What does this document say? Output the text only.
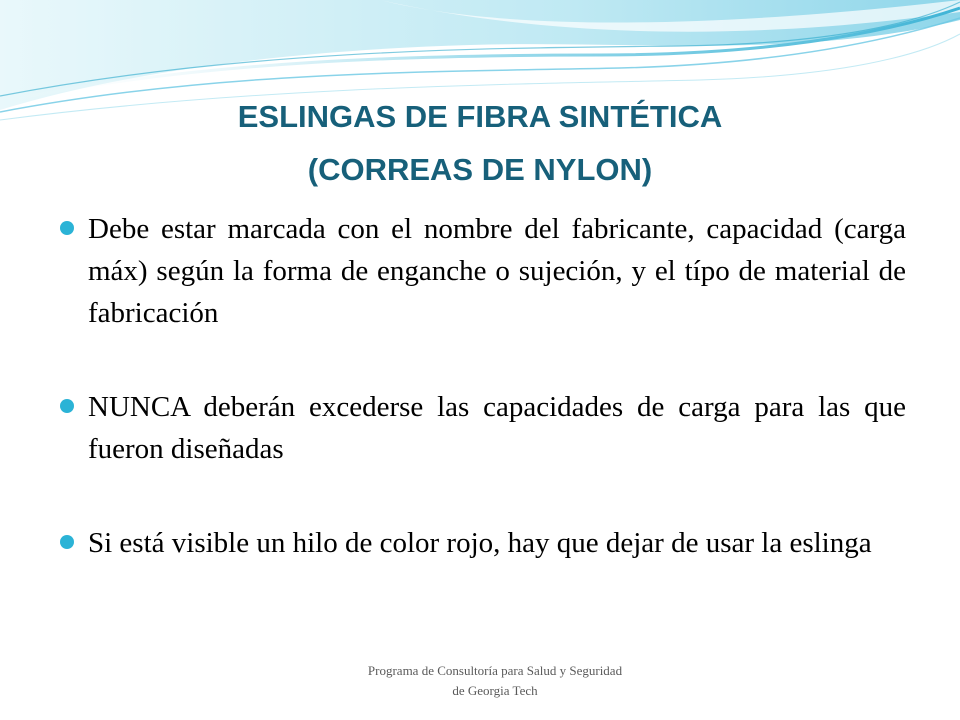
ESLINGAS DE FIBRA SINTÉTICA
(CORREAS DE NYLON)
Debe estar marcada con el nombre del fabricante, capacidad (carga máx) según la forma de enganche o sujeción, y el típo de material de fabricación
NUNCA deberán excederse las capacidades de carga para las que fueron diseñadas
Si está visible un hilo de color rojo, hay que dejar de usar la eslinga
Programa de Consultoría para Salud y Seguridad
de Georgia Tech
